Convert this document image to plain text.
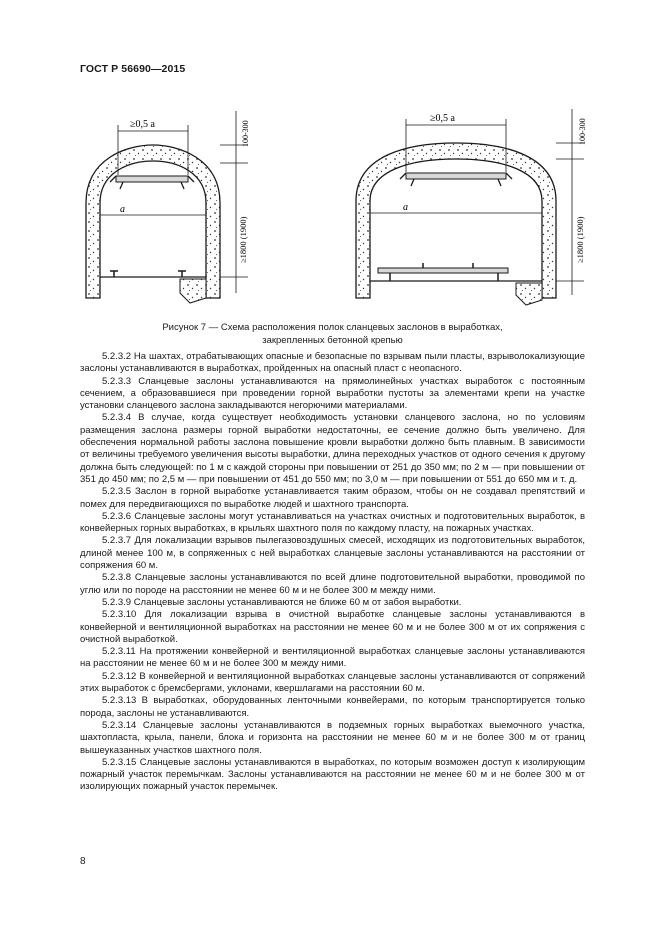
ГОСТ Р 56690—2015
≥0,5 a
a
100-300
≥1800 (1900)
≥0,5 a
a
100-300
≥1800 (1900)
Рисунок 7 — Схема расположения полок сланцевых заслонов в выработках,
закрепленных бетонной крепью

5.2.3.2 На шахтах, отрабатывающих опасные и безопасные по взрывам пыли пласты, взрыволокализующие заслоны устанавливаются в выработках, пройденных на опасный пласт с неопасного.

5.2.3.3 Сланцевые заслоны устанавливаются на прямолинейных участках выработок с постоянным сечением, а образовавшиеся при проведении горной выработки пустоты за элементами крепи на участке установки сланцевого заслона закладываются негорючими материалами.

5.2.3.4 В случае, когда существует необходимость установки сланцевого заслона, но по условиям размещения заслона размеры горной выработки недостаточны, ее сечение должно быть увеличено. Для обеспечения нормальной работы заслона повышение кровли выработки должно быть плавным. В зависимости от величины требуемого увеличения высоты выработки, длина переходных участков от одного сечения к другому должна быть следующей: по 1 м с каждой стороны при повышении от 251 до 350 мм; по 2 м — при повышении от 351 до 450 мм; по 2,5 м — при повышении от 451 до 550 мм; по 3,0 м — при повышении от 551 до 650 мм и т. д.

5.2.3.5 Заслон в горной выработке устанавливается таким образом, чтобы он не создавал препятствий и помех для передвигающихся по выработке людей и шахтного транспорта.

5.2.3.6 Сланцевые заслоны могут устанавливаться на участках очистных и подготовительных выработок, в конвейерных горных выработках, в крыльях шахтного поля по каждому пласту, на пожарных участках.

5.2.3.7 Для локализации взрывов пылегазовоздушных смесей, исходящих из подготовительных выработок, длиной менее 100 м, в сопряженных с ней выработках сланцевые заслоны устанавливаются на расстоянии от сопряжения 60 м.

5.2.3.8 Сланцевые заслоны устанавливаются по всей длине подготовительной выработки, проводимой по углю или по породе на расстоянии не менее 60 м и не более 300 м между ними.

5.2.3.9 Сланцевые заслоны устанавливаются не ближе 60 м от забоя выработки.

5.2.3.10 Для локализации взрыва в очистной выработке сланцевые заслоны устанавливаются в конвейерной и вентиляционной выработках на расстоянии не менее 60 м и не более 300 м от их сопряжения с очистной выработкой.

5.2.3.11 На протяжении конвейерной и вентиляционной выработках сланцевые заслоны устанавливаются на расстоянии не менее 60 м и не более 300 м между ними.

5.2.3.12 В конвейерной и вентиляционной выработках сланцевые заслоны устанавливаются от сопряжений этих выработок с бремсбергами, уклонами, квершлагами на расстоянии 60 м.

5.2.3.13 В выработках, оборудованных ленточными конвейерами, по которым транспортируется только порода, заслоны не устанавливаются.

5.2.3.14 Сланцевые заслоны устанавливаются в подземных горных выработках выемочного участка, шахтопласта, крыла, панели, блока и горизонта на расстоянии не менее 60 м и не более 300 м от границ вышеуказанных участков шахтного поля.

5.2.3.15 Сланцевые заслоны устанавливаются в выработках, по которым возможен доступ к изолирующим пожарный участок перемычкам. Заслоны устанавливаются на расстоянии не менее 60 м и не более 300 м от изолирующих пожарный участок перемычек.

8
